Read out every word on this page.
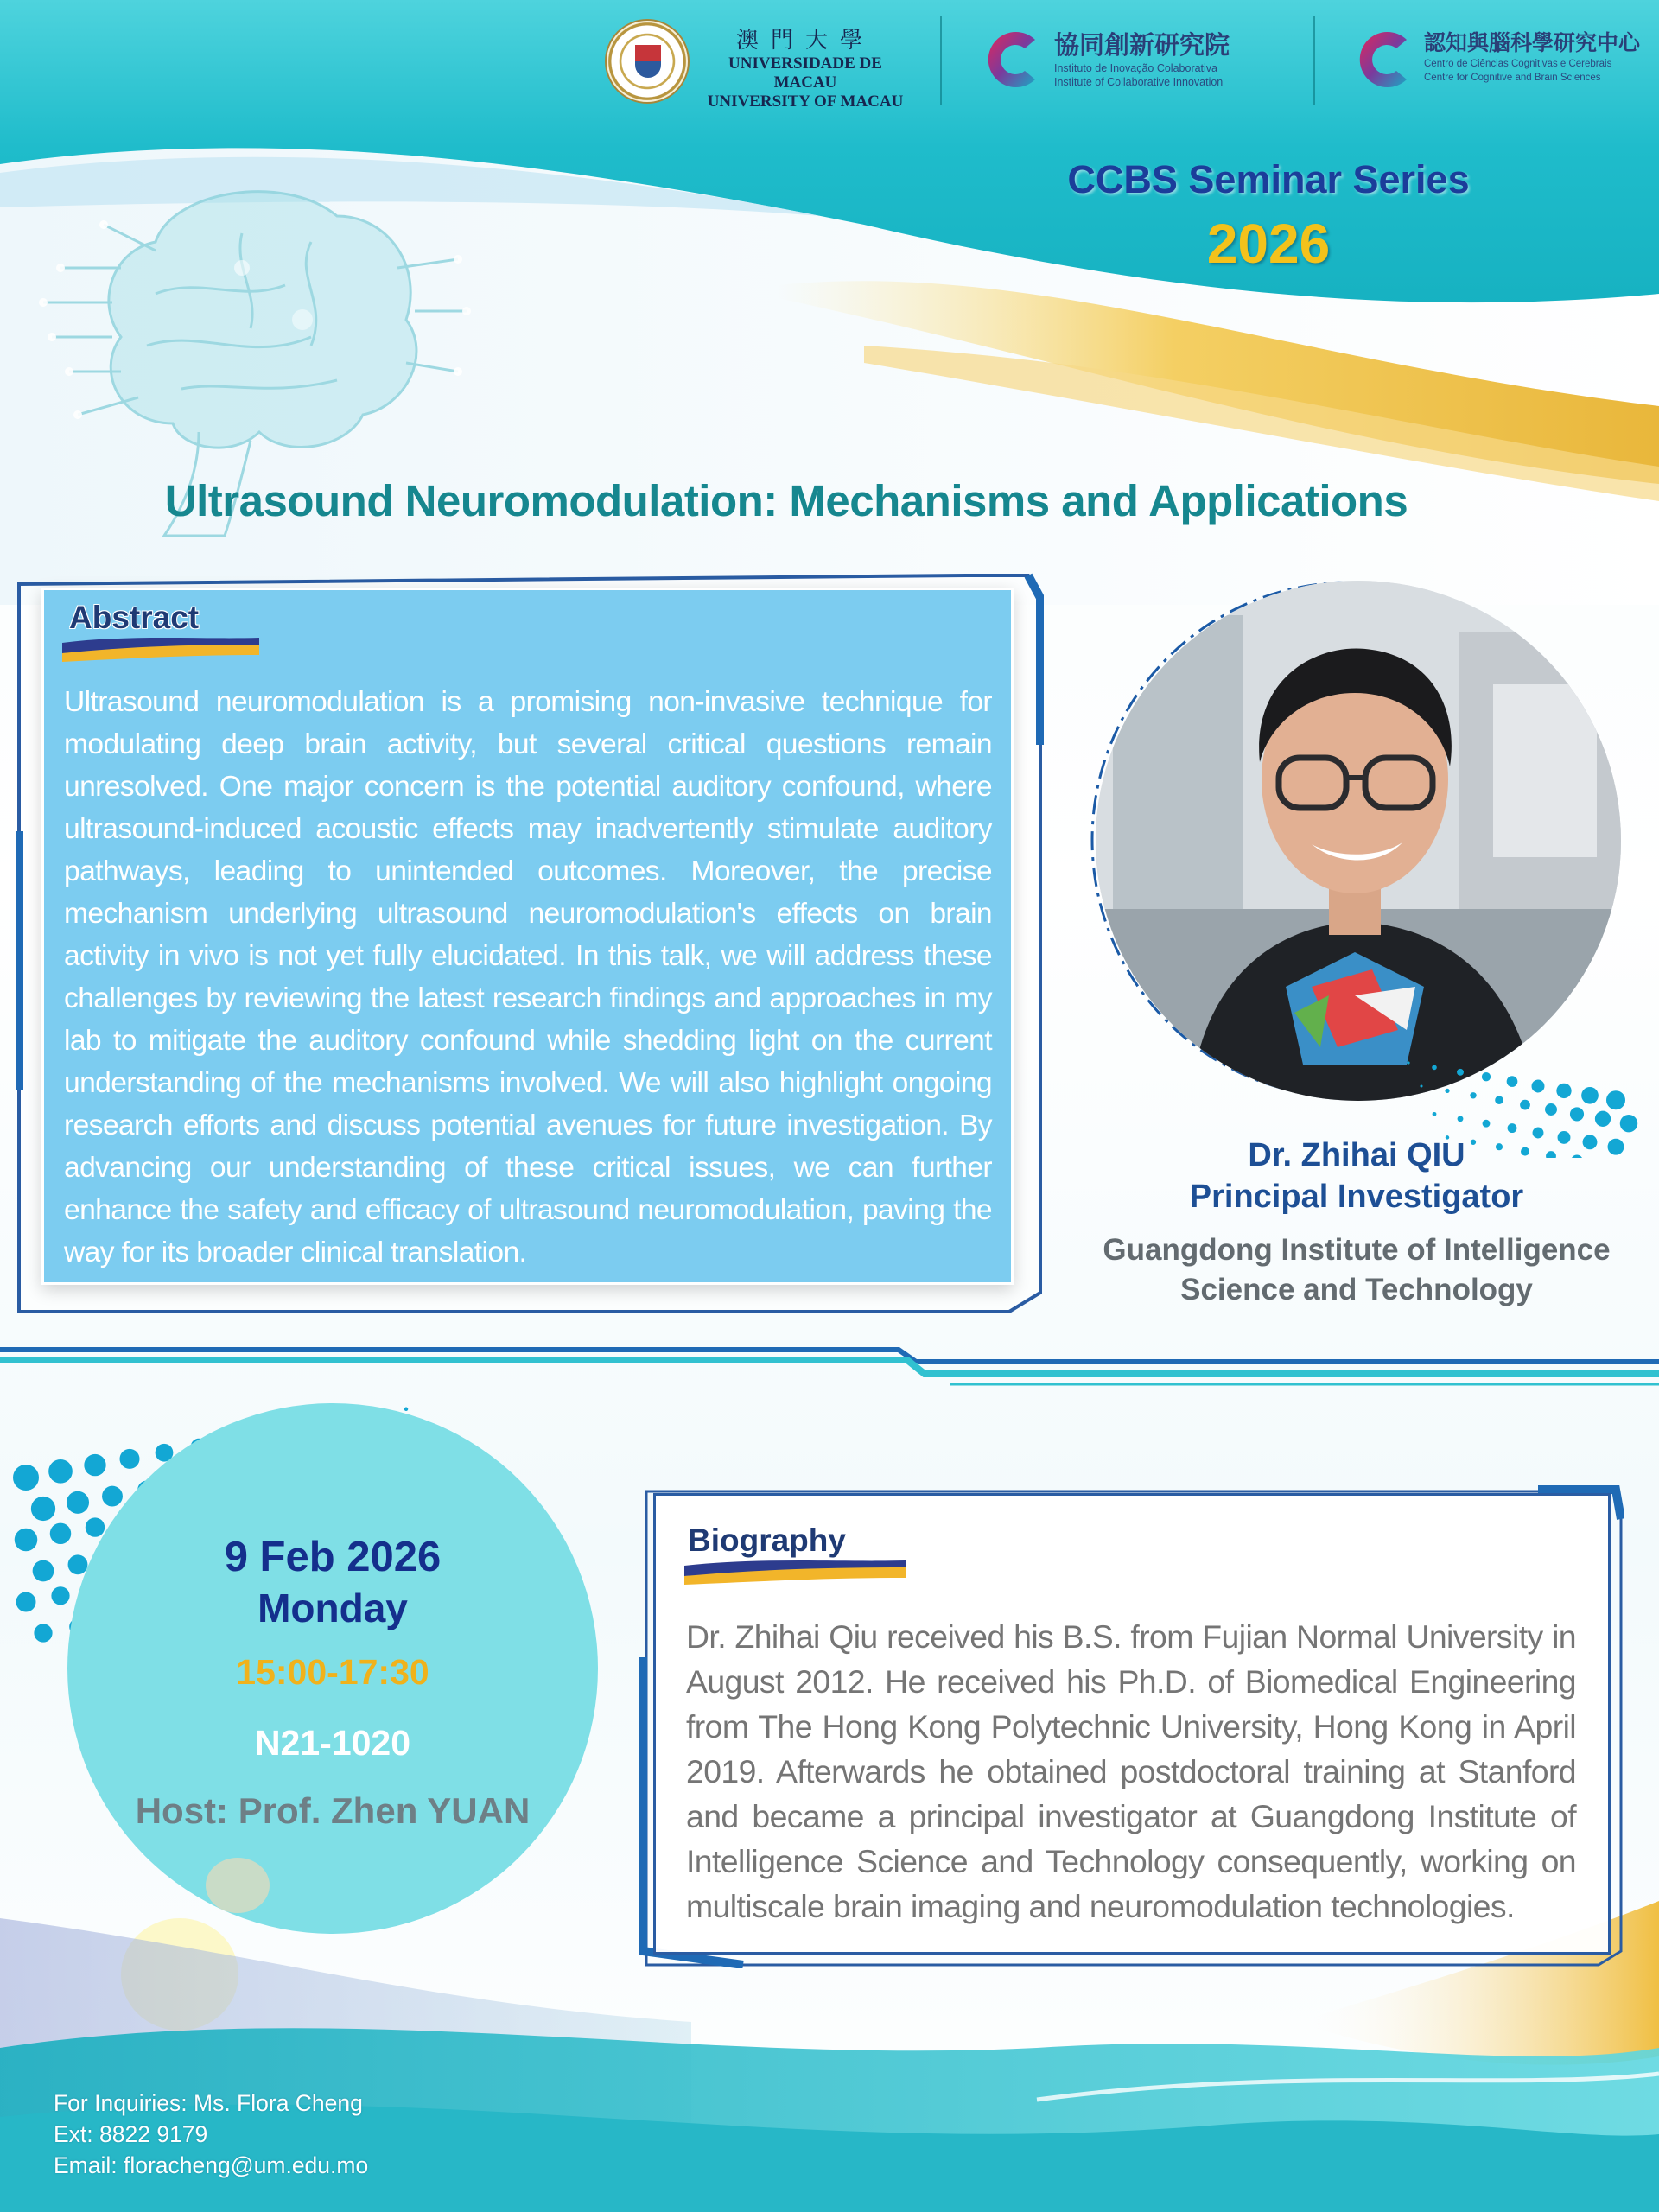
澳門大學
UNIVERSIDADE DE MACAU
UNIVERSITY OF MACAU
協同創新研究院
Instituto de Inovação Colaborativa
Institute of Collaborative Innovation
認知與腦科學研究中心
Centro de Ciências Cognitivas e Cerebrais
Centre for Cognitive and Brain Sciences
CCBS Seminar Series
2026
Ultrasound Neuromodulation: Mechanisms and Applications
Abstract
Ultrasound neuromodulation is a promising non-invasive technique for modulating deep brain activity, but several critical questions remain unresolved. One major concern is the potential auditory confound, where ultrasound-induced acoustic effects may inadvertently stimulate auditory pathways, leading to unintended outcomes. Moreover, the precise mechanism underlying ultrasound neuromodulation's effects on brain activity in vivo is not yet fully elucidated. In this talk, we will address these challenges by reviewing the latest research findings and approaches in my lab to mitigate the auditory confound while shedding light on the current understanding of the mechanisms involved. We will also highlight ongoing research efforts and discuss potential avenues for future investigation. By advancing our understanding of these critical issues, we can further enhance the safety and efficacy of ultrasound neuromodulation, paving the way for its broader clinical translation.
Dr. Zhihai QIU
Principal Investigator
Guangdong Institute of Intelligence
Science and Technology
9 Feb 2026
Monday
15:00-17:30
N21-1020
Host: Prof. Zhen YUAN
Biography
Dr. Zhihai Qiu received his B.S. from Fujian Normal University in August 2012. He received his Ph.D. of Biomedical Engineering from The Hong Kong Polytechnic University, Hong Kong in April 2019. Afterwards he obtained postdoctoral training at Stanford and became a principal investigator at Guangdong Institute of Intelligence Science and Technology consequently, working on multiscale brain imaging and neuromodulation technologies.
For Inquiries: Ms. Flora Cheng
Ext: 8822 9179
Email: floracheng@um.edu.mo
